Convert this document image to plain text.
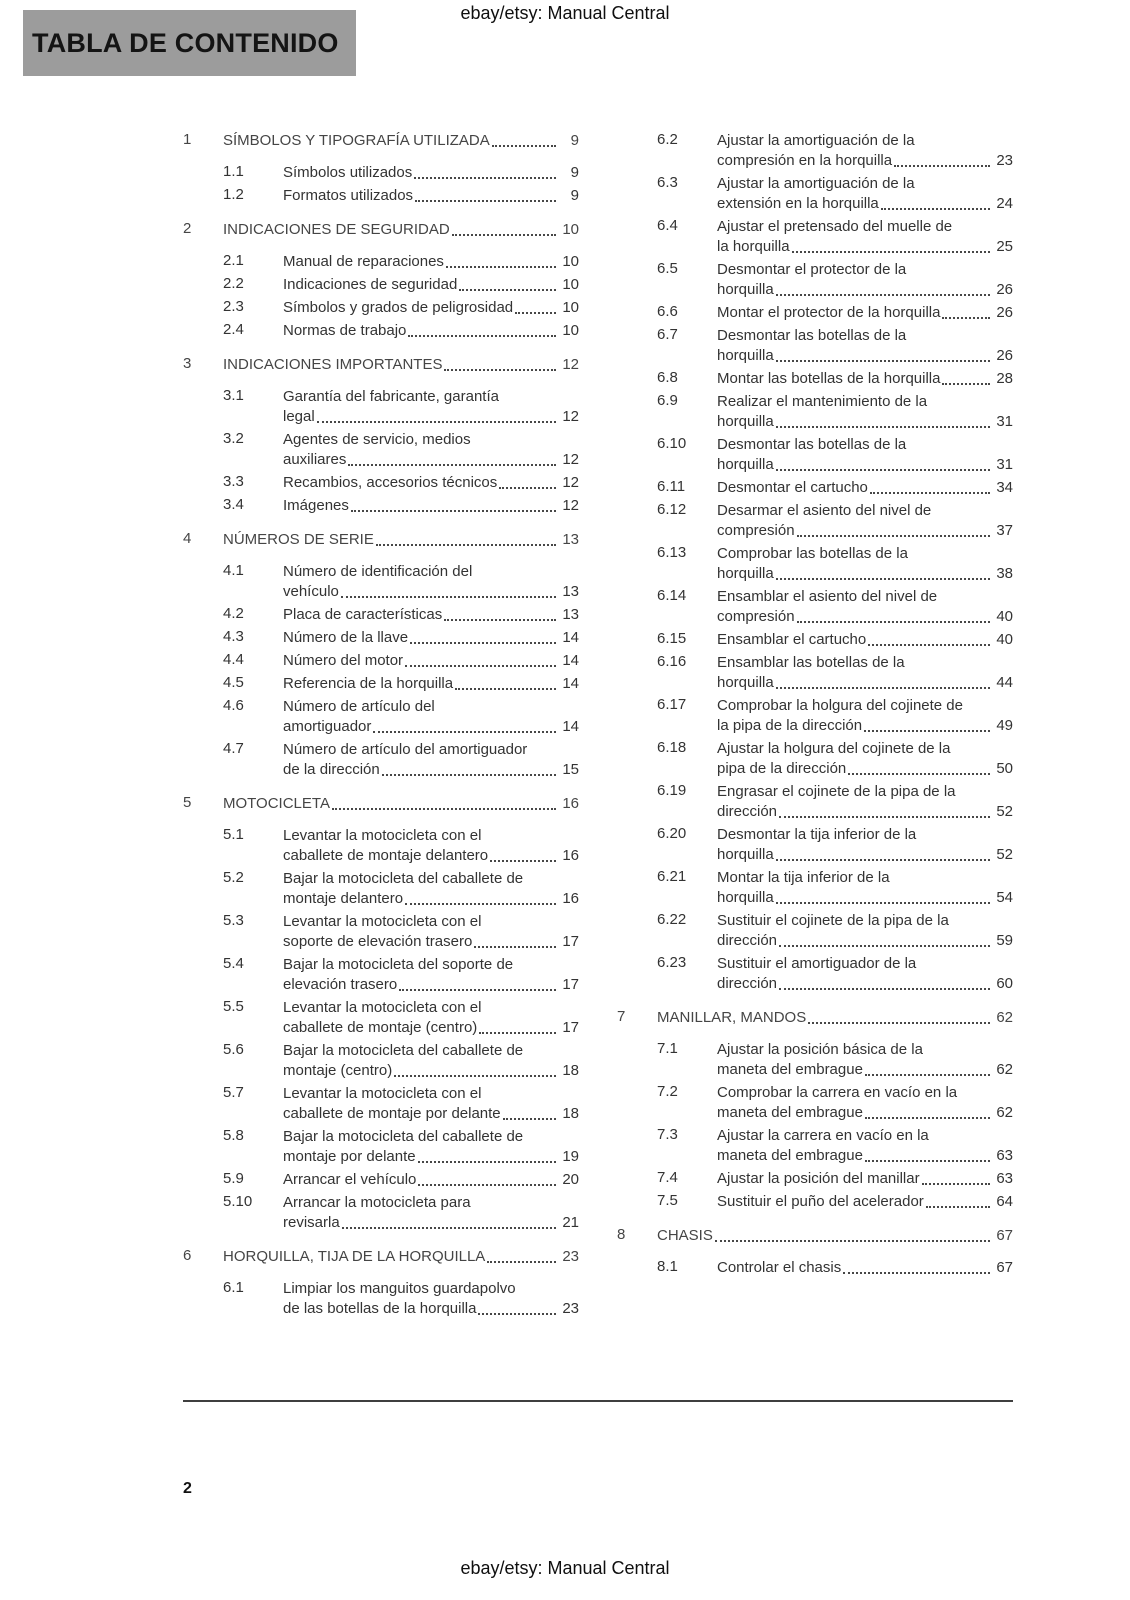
ebay/etsy: Manual Central
TABLA DE CONTENIDO
1	SÍMBOLOS Y TIPOGRAFÍA UTILIZADA	9
1.1	Símbolos utilizados	9
1.2	Formatos utilizados	9
2	INDICACIONES DE SEGURIDAD	10
2.1	Manual de reparaciones	10
2.2	Indicaciones de seguridad	10
2.3	Símbolos y grados de peligrosidad	10
2.4	Normas de trabajo	10
3	INDICACIONES IMPORTANTES	12
3.1	Garantía del fabricante, garantía
legal	12
3.2	Agentes de servicio, medios
auxiliares	12
3.3	Recambios, accesorios técnicos	12
3.4	Imágenes	12
4	NÚMEROS DE SERIE	13
4.1	Número de identificación del
vehículo	13
4.2	Placa de características	13
4.3	Número de la llave	14
4.4	Número del motor	14
4.5	Referencia de la horquilla	14
4.6	Número de artículo del
amortiguador	14
4.7	Número de artículo del amortiguador
de la dirección	15
5	MOTOCICLETA	16
5.1	Levantar la motocicleta con el
caballete de montaje delantero	16
5.2	Bajar la motocicleta del caballete de
montaje delantero	16
5.3	Levantar la motocicleta con el
soporte de elevación trasero	17
5.4	Bajar la motocicleta del soporte de
elevación trasero	17
5.5	Levantar la motocicleta con el
caballete de montaje (centro)	17
5.6	Bajar la motocicleta del caballete de
montaje (centro)	18
5.7	Levantar la motocicleta con el
caballete de montaje por delante	18
5.8	Bajar la motocicleta del caballete de
montaje por delante	19
5.9	Arrancar el vehículo	20
5.10	Arrancar la motocicleta para
revisarla	21
6	HORQUILLA, TIJA DE LA HORQUILLA	23
6.1	Limpiar los manguitos guardapolvo
de las botellas de la horquilla	23
6.2	Ajustar la amortiguación de la
compresión en la horquilla	23
6.3	Ajustar la amortiguación de la
extensión en la horquilla	24
6.4	Ajustar el pretensado del muelle de
la horquilla	25
6.5	Desmontar el protector de la
horquilla	26
6.6	Montar el protector de la horquilla	26
6.7	Desmontar las botellas de la
horquilla	26
6.8	Montar las botellas de la horquilla	28
6.9	Realizar el mantenimiento de la
horquilla	31
6.10	Desmontar las botellas de la
horquilla	31
6.11	Desmontar el cartucho	34
6.12	Desarmar el asiento del nivel de
compresión	37
6.13	Comprobar las botellas de la
horquilla	38
6.14	Ensamblar el asiento del nivel de
compresión	40
6.15	Ensamblar el cartucho	40
6.16	Ensamblar las botellas de la
horquilla	44
6.17	Comprobar la holgura del cojinete de
la pipa de la dirección	49
6.18	Ajustar la holgura del cojinete de la
pipa de la dirección	50
6.19	Engrasar el cojinete de la pipa de la
dirección	52
6.20	Desmontar la tija inferior de la
horquilla	52
6.21	Montar la tija inferior de la
horquilla	54
6.22	Sustituir el cojinete de la pipa de la
dirección	59
6.23	Sustituir el amortiguador de la
dirección	60
7	MANILLAR, MANDOS	62
7.1	Ajustar la posición básica de la
maneta del embrague	62
7.2	Comprobar la carrera en vacío en la
maneta del embrague	62
7.3	Ajustar la carrera en vacío en la
maneta del embrague	63
7.4	Ajustar la posición del manillar	63
7.5	Sustituir el puño del acelerador	64
8	CHASIS	67
8.1	Controlar el chasis	67
2
ebay/etsy: Manual Central
